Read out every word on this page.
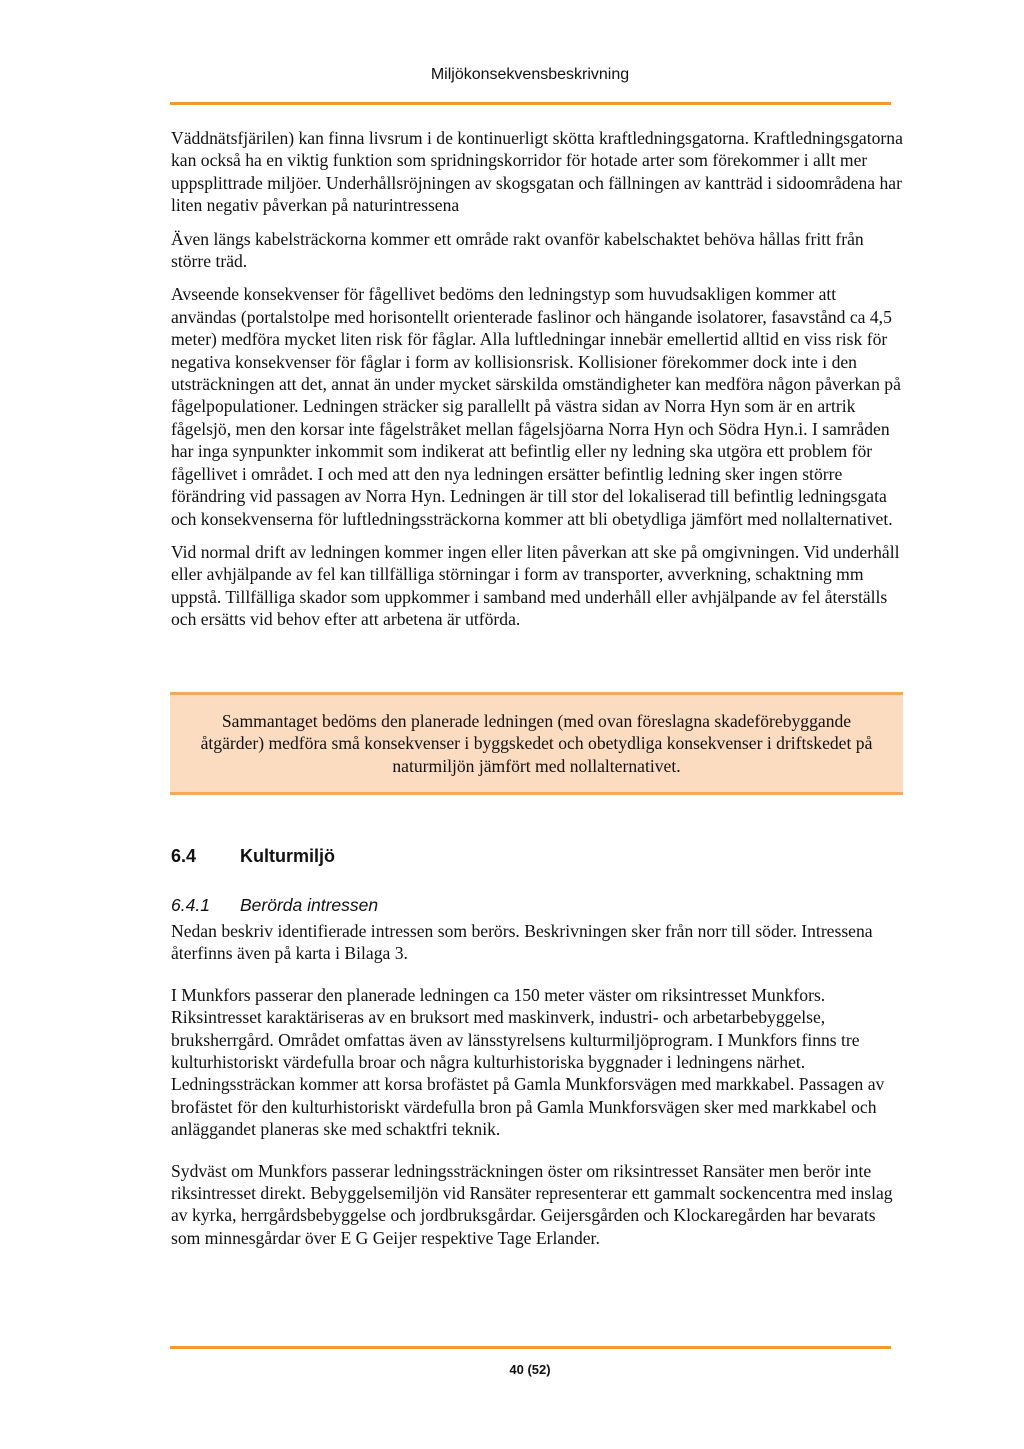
Miljökonsekvensbeskrivning

Väddnätsfjärilen) kan finna livsrum i de kontinuerligt skötta kraftledningsgatorna. Kraftledningsgatorna kan också ha en viktig funktion som spridningskorridor för hotade arter som förekommer i allt mer uppsplittrade miljöer. Underhållsröjningen av skogsgatan och fällningen av kantträd i sidoområdena har liten negativ påverkan på naturintressena

Även längs kabelsträckorna kommer ett område rakt ovanför kabelschaktet behöva hållas fritt från större träd.

Avseende konsekvenser för fågellivet bedöms den ledningstyp som huvudsakligen kommer att användas (portalstolpe med horisontellt orienterade faslinor och hängande isolatorer, fasavstånd ca 4,5 meter) medföra mycket liten risk för fåglar. Alla luftledningar innebär emellertid alltid en viss risk för negativa konsekvenser för fåglar i form av kollisionsrisk. Kollisioner förekommer dock inte i den utsträckningen att det, annat än under mycket särskilda omständigheter kan medföra någon påverkan på fågelpopulationer. Ledningen sträcker sig parallellt på västra sidan av Norra Hyn som är en artrik fågelsjö, men den korsar inte fågelstråket mellan fågelsjöarna Norra Hyn och Södra Hyn.i. I samråden har inga synpunkter inkommit som indikerat att befintlig eller ny ledning ska utgöra ett problem för fågellivet i området. I och med att den nya ledningen ersätter befintlig ledning sker ingen större förändring vid passagen av Norra Hyn. Ledningen är till stor del lokaliserad till befintlig ledningsgata och konsekvenserna för luftledningssträckorna kommer att bli obetydliga jämfört med nollalternativet.

Vid normal drift av ledningen kommer ingen eller liten påverkan att ske på omgivningen. Vid underhåll eller avhjälpande av fel kan tillfälliga störningar i form av transporter, avverkning, schaktning mm uppstå. Tillfälliga skador som uppkommer i samband med underhåll eller avhjälpande av fel återställs och ersätts vid behov efter att arbetena är utförda.

Sammantaget bedöms den planerade ledningen (med ovan föreslagna skadeförebyggande åtgärder) medföra små konsekvenser i byggskedet och obetydliga konsekvenser i driftskedet på naturmiljön jämfört med nollalternativet.
6.4 Kulturmiljö
6.4.1 Berörda intressen

Nedan beskriv identifierade intressen som berörs. Beskrivningen sker från norr till söder. Intressena återfinns även på karta i Bilaga 3.

I Munkfors passerar den planerade ledningen ca 150 meter väster om riksintresset Munkfors. Riksintresset karaktäriseras av en bruksort med maskinverk, industri- och arbetarbebyggelse, bruksherrgård. Området omfattas även av länsstyrelsens kulturmiljöprogram. I Munkfors finns tre kulturhistoriskt värdefulla broar och några kulturhistoriska byggnader i ledningens närhet. Ledningssträckan kommer att korsa brofästet på Gamla Munkforsvägen med markkabel. Passagen av brofästet för den kulturhistoriskt värdefulla bron på Gamla Munkforsvägen sker med markkabel och anläggandet planeras ske med schaktfri teknik.

Sydväst om Munkfors passerar ledningssträckningen öster om riksintresset Ransäter men berör inte riksintresset direkt. Bebyggelsemiljön vid Ransäter representerar ett gammalt sockencentra med inslag av kyrka, herrgårdsbebyggelse och jordbruksgårdar. Geijersgården och Klockaregården har bevarats som minnesgårdar över E G Geijer respektive Tage Erlander.

40 (52)
